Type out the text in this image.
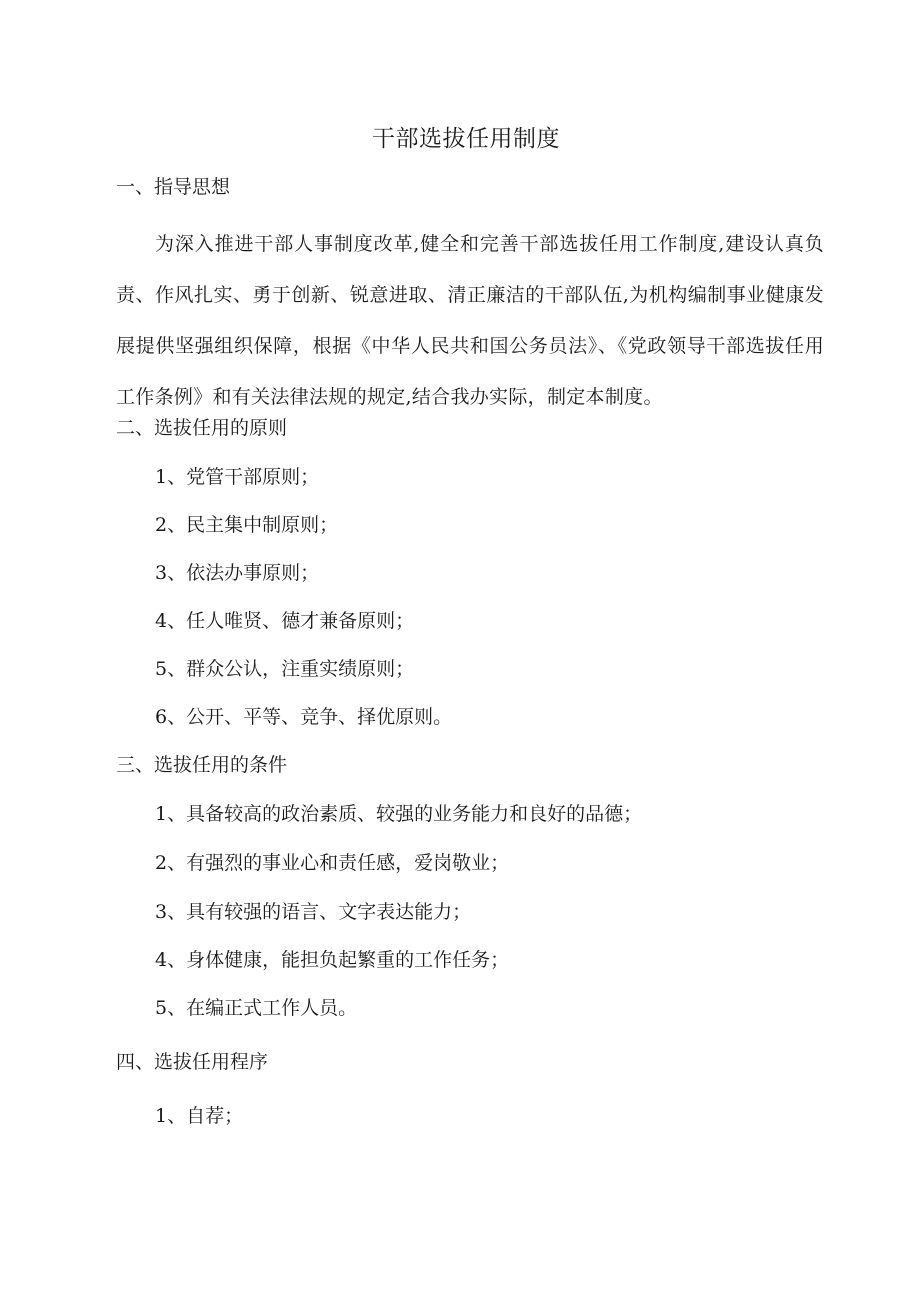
干部选拔任用制度
一、指导思想

为深入推进干部人事制度改革,健全和完善干部选拔任用工作制度,建设认真负责、作风扎实、勇于创新、锐意进取、清正廉洁的干部队伍,为机构编制事业健康发展提供坚强组织保障，根据《中华人民共和国公务员法》、《党政领导干部选拔任用工作条例》和有关法律法规的规定,结合我办实际，制定本制度。

二、选拔任用的原则

1、党管干部原则；

2、民主集中制原则；

3、依法办事原则；

4、任人唯贤、德才兼备原则；

5、群众公认，注重实绩原则；

6、公开、平等、竞争、择优原则。

三、选拔任用的条件

1、具备较高的政治素质、较强的业务能力和良好的品德；

2、有强烈的事业心和责任感，爱岗敬业；

3、具有较强的语言、文字表达能力；

4、身体健康，能担负起繁重的工作任务；

5、在编正式工作人员。

四、选拔任用程序

1、自荐；
